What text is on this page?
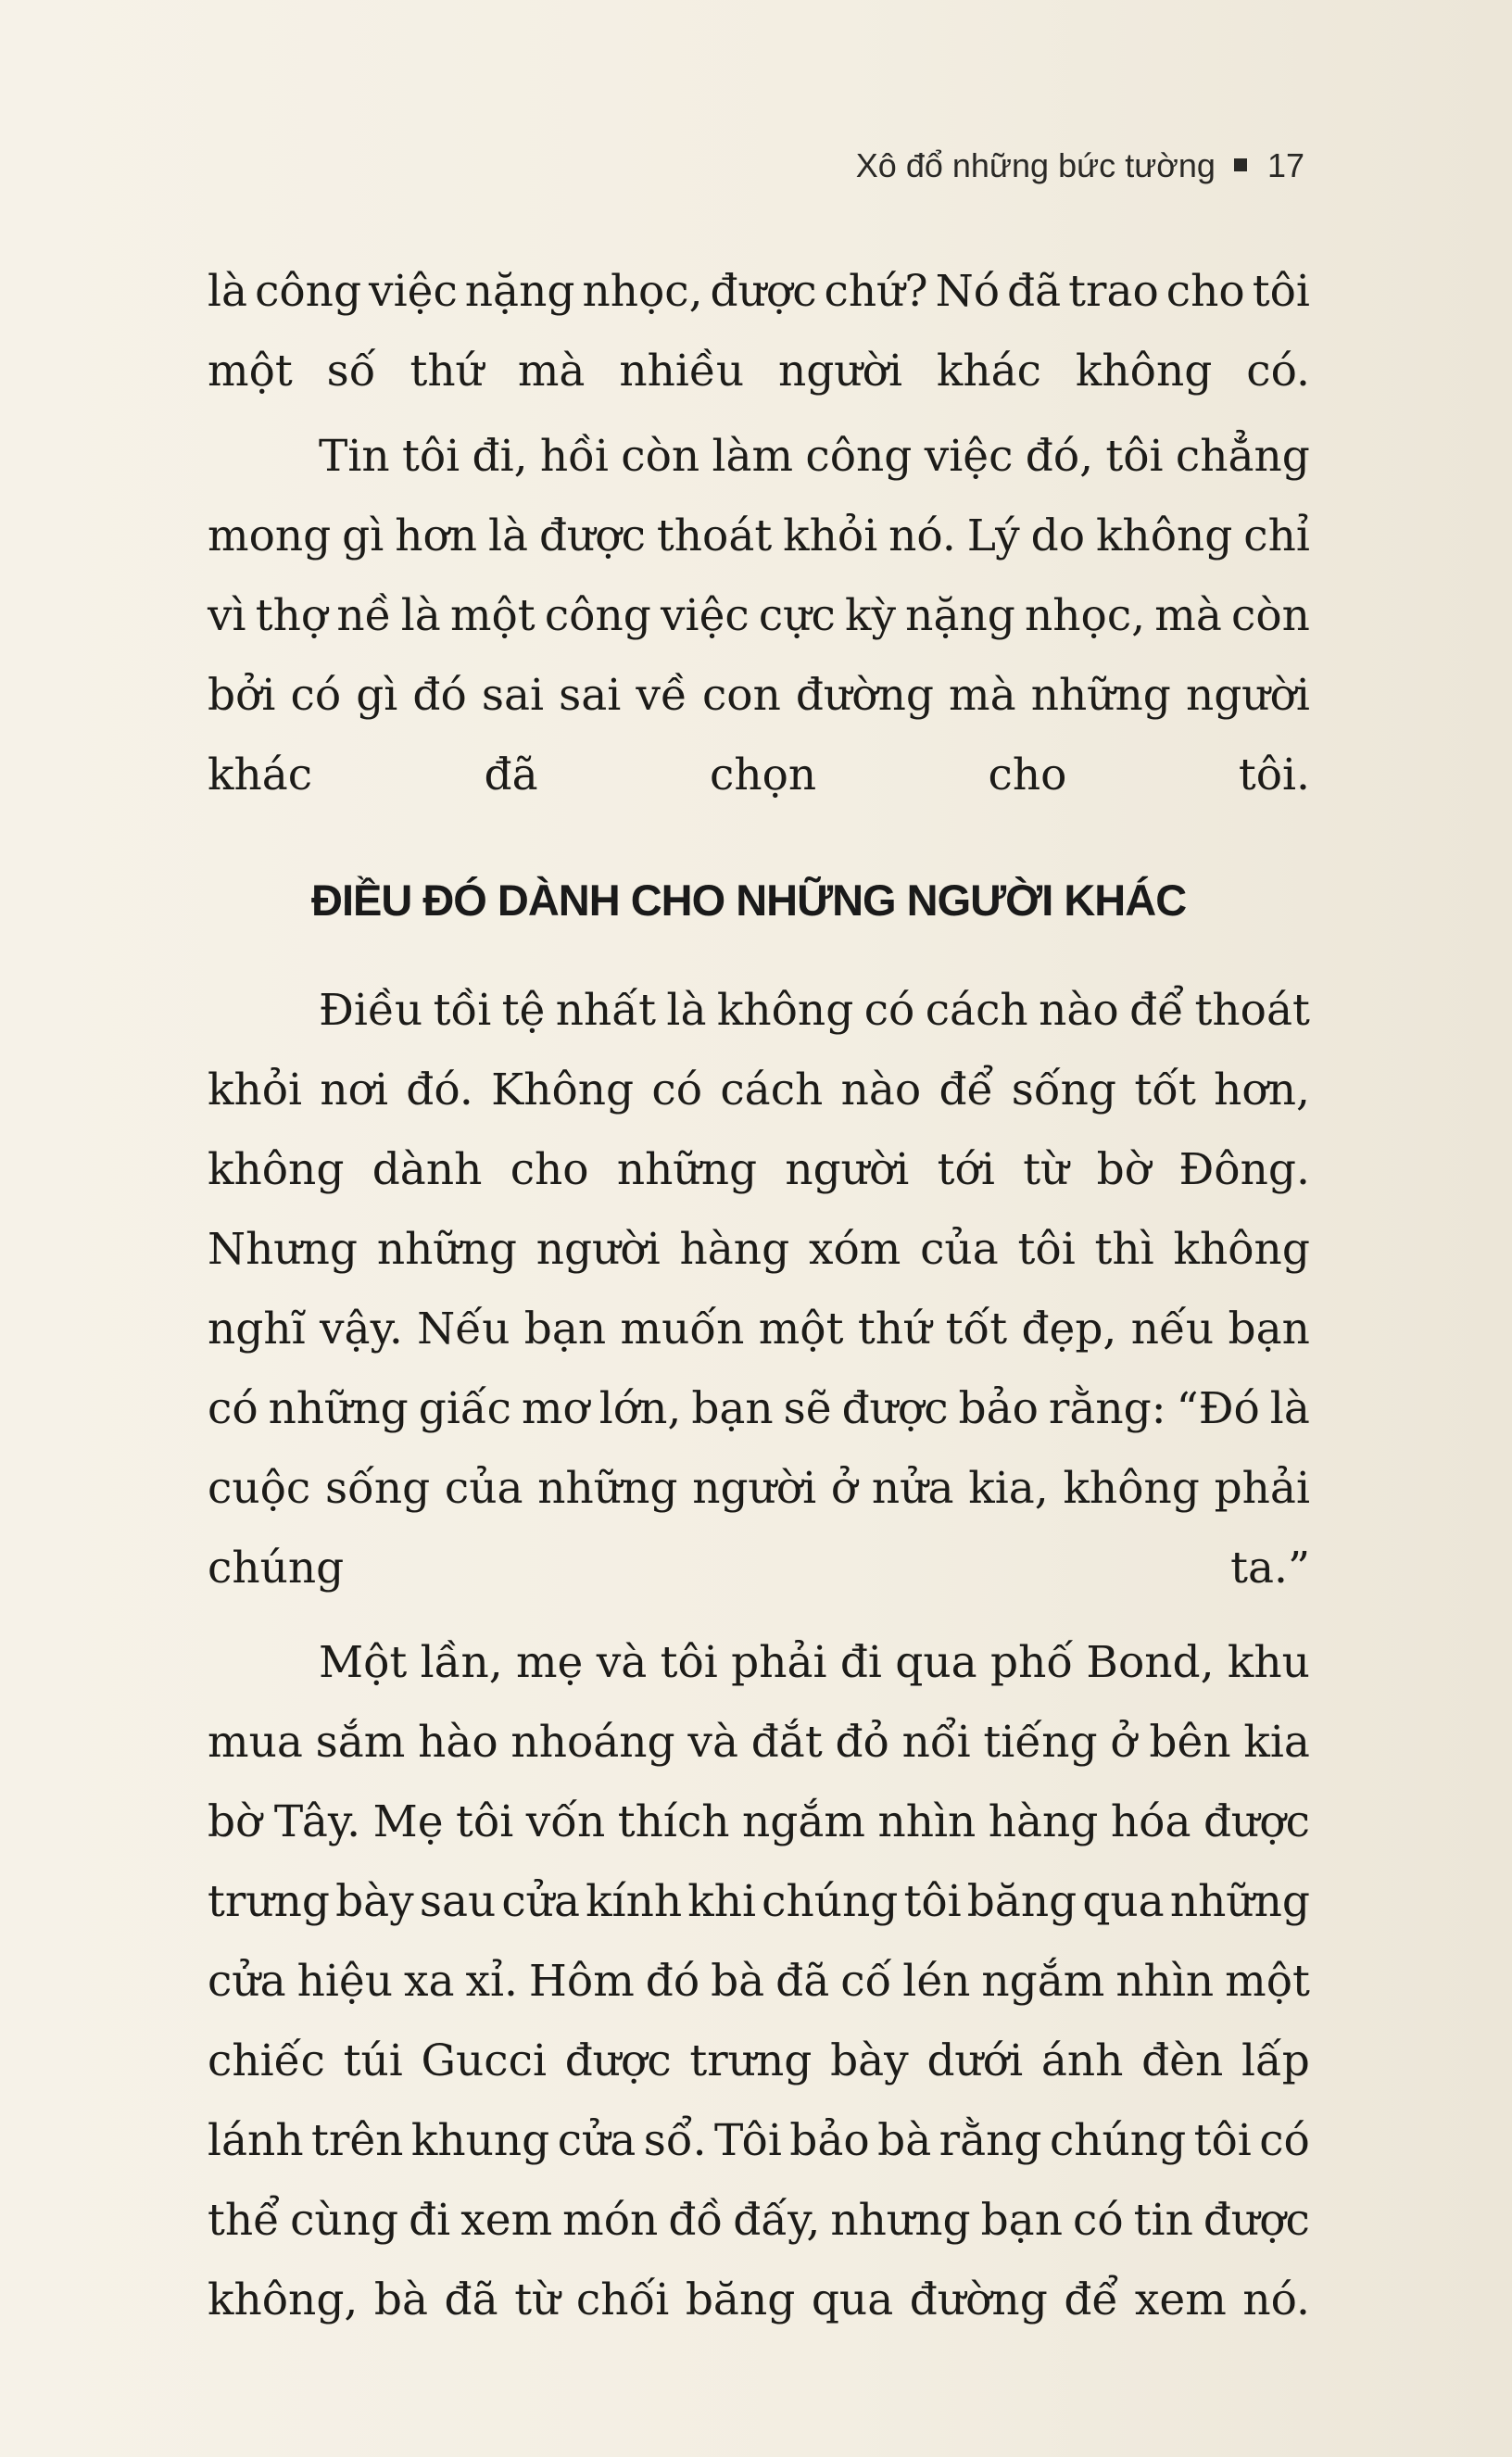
Xô đổ những bức tường 17
là công việc nặng nhọc, được chứ? Nó đã trao cho tôi
một số thứ mà nhiều người khác không có.
Tin tôi đi, hồi còn làm công việc đó, tôi chẳng
mong gì hơn là được thoát khỏi nó. Lý do không chỉ
vì thợ nề là một công việc cực kỳ nặng nhọc, mà còn
bởi có gì đó sai sai về con đường mà những người
khác đã chọn cho tôi.
ĐIỀU ĐÓ DÀNH CHO NHỮNG NGƯỜI KHÁC
Điều tồi tệ nhất là không có cách nào để thoát
khỏi nơi đó. Không có cách nào để sống tốt hơn,
không dành cho những người tới từ bờ Đông.
Nhưng những người hàng xóm của tôi thì không
nghĩ vậy. Nếu bạn muốn một thứ tốt đẹp, nếu bạn
có những giấc mơ lớn, bạn sẽ được bảo rằng: “Đó là
cuộc sống của những người ở nửa kia, không phải
chúng ta.”
Một lần, mẹ và tôi phải đi qua phố Bond, khu
mua sắm hào nhoáng và đắt đỏ nổi tiếng ở bên kia
bờ Tây. Mẹ tôi vốn thích ngắm nhìn hàng hóa được
trưng bày sau cửa kính khi chúng tôi băng qua những
cửa hiệu xa xỉ. Hôm đó bà đã cố lén ngắm nhìn một
chiếc túi Gucci được trưng bày dưới ánh đèn lấp
lánh trên khung cửa sổ. Tôi bảo bà rằng chúng tôi có
thể cùng đi xem món đồ đấy, nhưng bạn có tin được
không, bà đã từ chối băng qua đường để xem nó.
